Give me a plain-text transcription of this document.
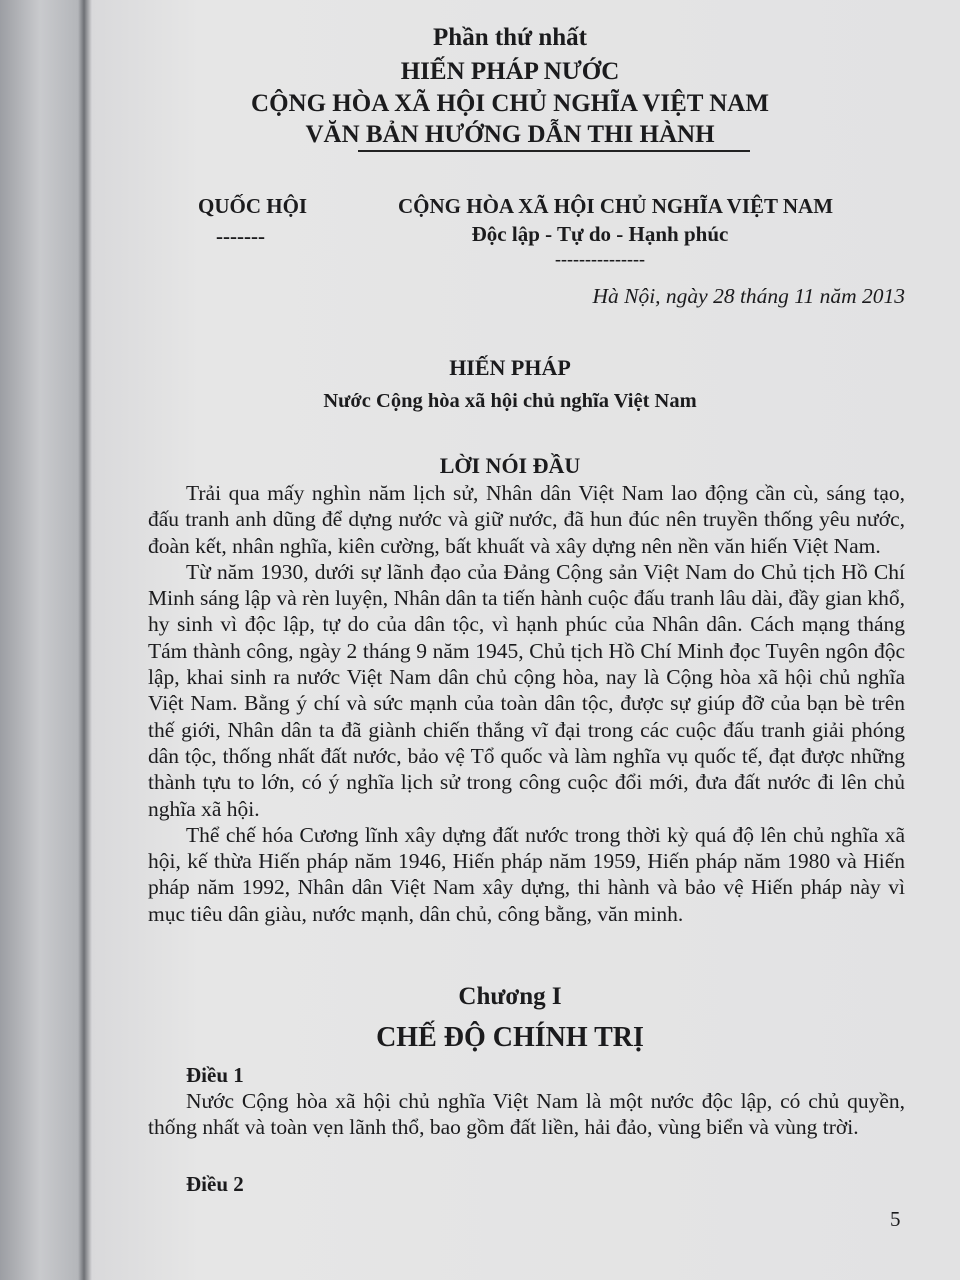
Phần thứ nhất
HIẾN PHÁP NƯỚC
CỘNG HÒA XÃ HỘI CHỦ NGHĨA VIỆT NAM
VĂN BẢN HƯỚNG DẪN THI HÀNH
QUỐC HỘI
-------
CỘNG HÒA XÃ HỘI CHỦ NGHĨA VIỆT NAM
Độc lập - Tự do - Hạnh phúc
---------------
Hà Nội, ngày 28 tháng 11 năm 2013
HIẾN PHÁP
Nước Cộng hòa xã hội chủ nghĩa Việt Nam
LỜI NÓI ĐẦU

Trải qua mấy nghìn năm lịch sử, Nhân dân Việt Nam lao động cần cù, sáng tạo, đấu tranh anh dũng để dựng nước và giữ nước, đã hun đúc nên truyền thống yêu nước, đoàn kết, nhân nghĩa, kiên cường, bất khuất và xây dựng nên nền văn hiến Việt Nam.

Từ năm 1930, dưới sự lãnh đạo của Đảng Cộng sản Việt Nam do Chủ tịch Hồ Chí Minh sáng lập và rèn luyện, Nhân dân ta tiến hành cuộc đấu tranh lâu dài, đầy gian khổ, hy sinh vì độc lập, tự do của dân tộc, vì hạnh phúc của Nhân dân. Cách mạng tháng Tám thành công, ngày 2 tháng 9 năm 1945, Chủ tịch Hồ Chí Minh đọc Tuyên ngôn độc lập, khai sinh ra nước Việt Nam dân chủ cộng hòa, nay là Cộng hòa xã hội chủ nghĩa Việt Nam. Bằng ý chí và sức mạnh của toàn dân tộc, được sự giúp đỡ của bạn bè trên thế giới, Nhân dân ta đã giành chiến thắng vĩ đại trong các cuộc đấu tranh giải phóng dân tộc, thống nhất đất nước, bảo vệ Tổ quốc và làm nghĩa vụ quốc tế, đạt được những thành tựu to lớn, có ý nghĩa lịch sử trong công cuộc đổi mới, đưa đất nước đi lên chủ nghĩa xã hội.

Thể chế hóa Cương lĩnh xây dựng đất nước trong thời kỳ quá độ lên chủ nghĩa xã hội, kế thừa Hiến pháp năm 1946, Hiến pháp năm 1959, Hiến pháp năm 1980 và Hiến pháp năm 1992, Nhân dân Việt Nam xây dựng, thi hành và bảo vệ Hiến pháp này vì mục tiêu dân giàu, nước mạnh, dân chủ, công bằng, văn minh.

Chương I
CHẾ ĐỘ CHÍNH TRỊ
Điều 1

Nước Cộng hòa xã hội chủ nghĩa Việt Nam là một nước độc lập, có chủ quyền, thống nhất và toàn vẹn lãnh thổ, bao gồm đất liền, hải đảo, vùng biển và vùng trời.

Điều 2
5
